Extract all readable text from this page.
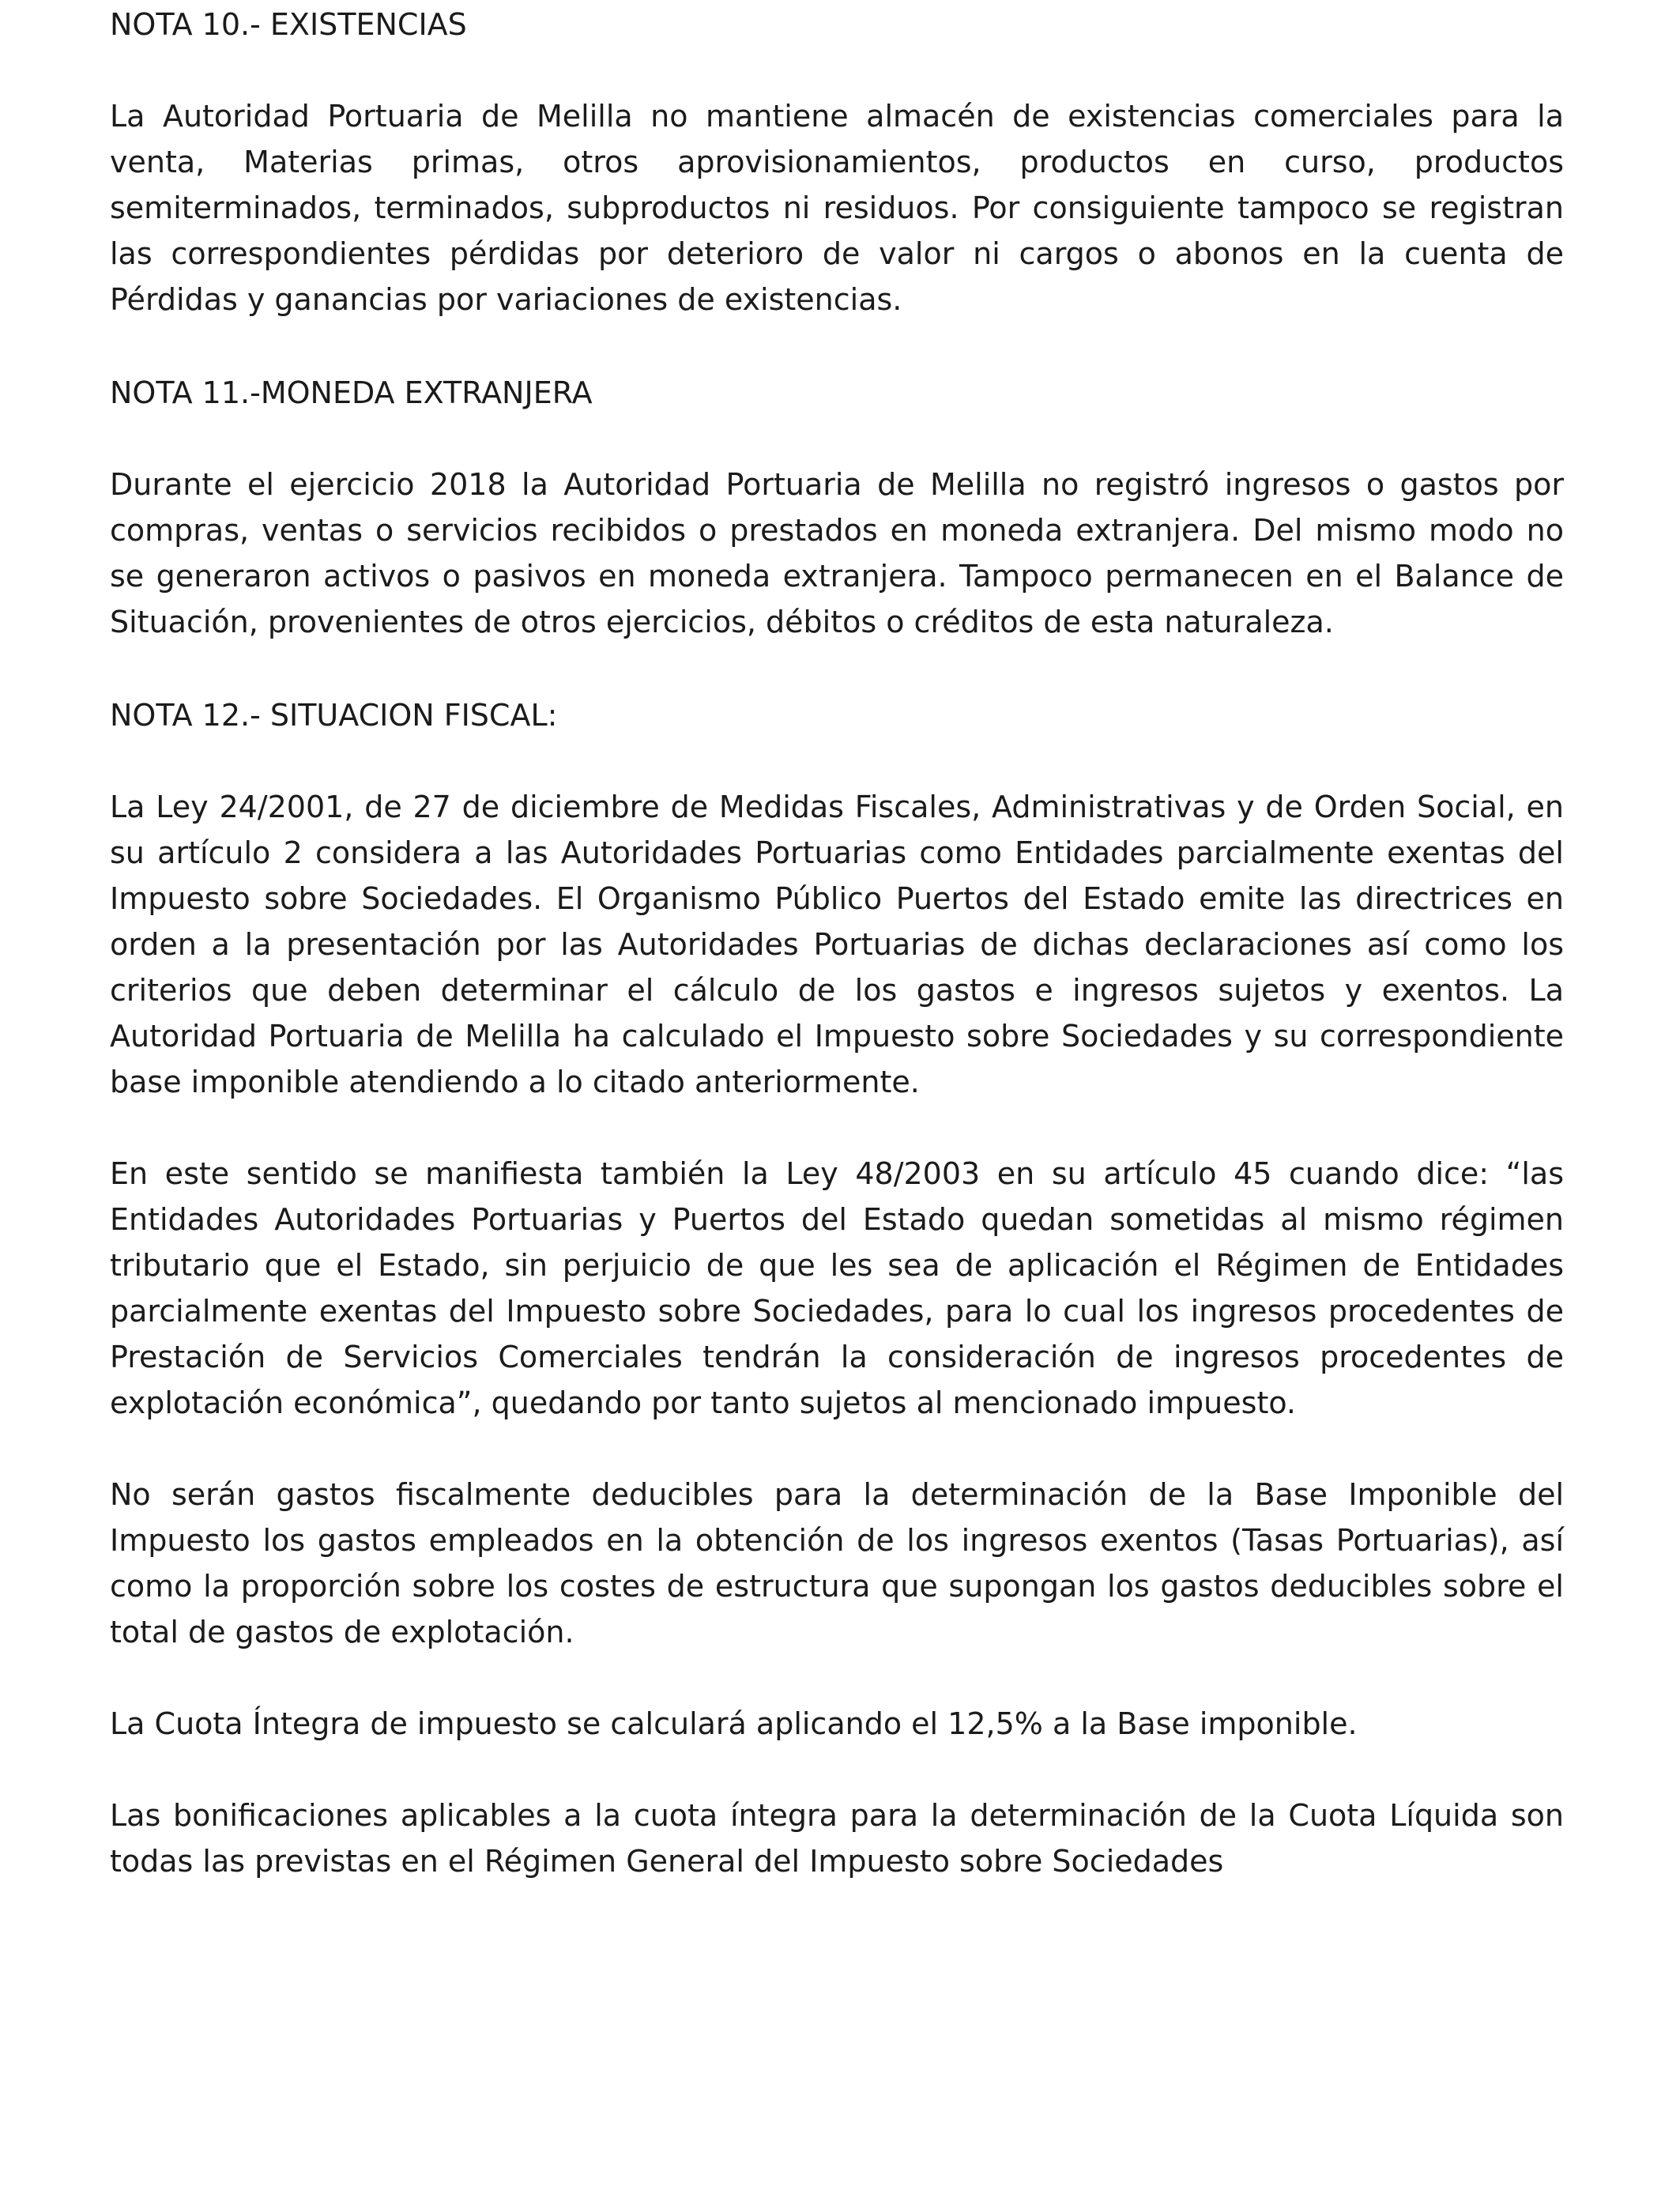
NOTA 10.- EXISTENCIAS

La Autoridad Portuaria de Melilla no mantiene almacén de existencias comerciales para la venta, Materias primas, otros aprovisionamientos, productos en curso, productos semiterminados, terminados, subproductos ni residuos. Por consiguiente tampoco se registran las correspondientes pérdidas por deterioro de valor ni cargos o abonos en la cuenta de Pérdidas y ganancias por variaciones de existencias.

NOTA 11.-MONEDA EXTRANJERA

Durante el ejercicio 2018 la Autoridad Portuaria de Melilla no registró ingresos o gastos por compras, ventas o servicios recibidos o prestados en moneda extranjera. Del mismo modo no se generaron activos o pasivos en moneda extranjera. Tampoco permanecen en el Balance de Situación, provenientes de otros ejercicios, débitos o créditos de esta naturaleza.

NOTA 12.- SITUACION FISCAL:

La Ley 24/2001, de 27 de diciembre de Medidas Fiscales, Administrativas y de Orden Social, en su artículo 2 considera a las Autoridades Portuarias como Entidades parcialmente exentas del Impuesto sobre Sociedades. El Organismo Público Puertos del Estado emite las directrices en orden a la presentación por las Autoridades Portuarias de dichas declaraciones así como los criterios que deben determinar el cálculo de los gastos e ingresos sujetos y exentos. La Autoridad Portuaria de Melilla ha calculado el Impuesto sobre Sociedades y su correspondiente base imponible atendiendo a lo citado anteriormente.

En este sentido se manifiesta también la Ley 48/2003 en su artículo 45 cuando dice: “las Entidades Autoridades Portuarias y Puertos del Estado quedan sometidas al mismo régimen tributario que el Estado, sin perjuicio de que les sea de aplicación el Régimen de Entidades parcialmente exentas del Impuesto sobre Sociedades, para lo cual los ingresos procedentes de Prestación de Servicios Comerciales tendrán la consideración de ingresos procedentes de explotación económica”, quedando por tanto sujetos al mencionado impuesto.

No serán gastos fiscalmente deducibles para la determinación de la Base Imponible del Impuesto los gastos empleados en la obtención de los ingresos exentos (Tasas Portuarias), así como la proporción sobre los costes de estructura que supongan los gastos deducibles sobre el total de gastos de explotación.

La Cuota Íntegra de impuesto se calculará aplicando el 12,5% a la Base imponible.

Las bonificaciones aplicables a la cuota íntegra para la determinación de la Cuota Líquida son todas las previstas en el Régimen General del Impuesto sobre Sociedades
